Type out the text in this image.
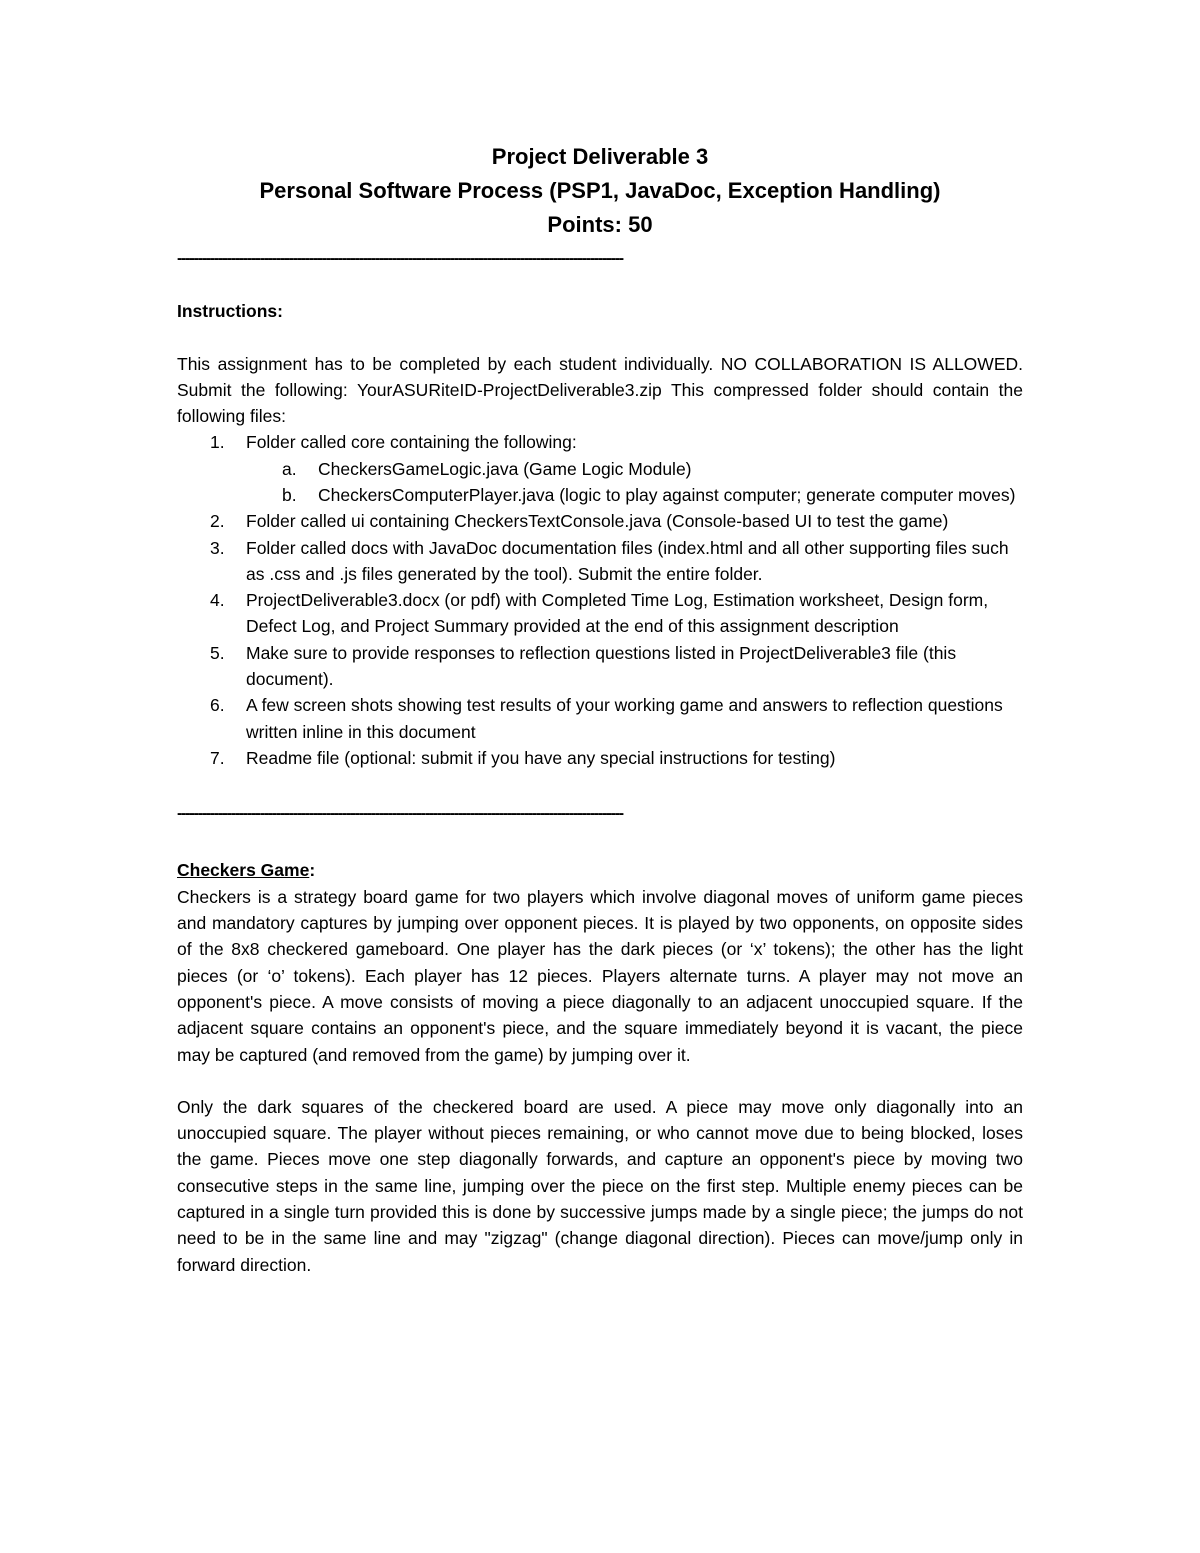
Project Deliverable 3
Personal Software Process (PSP1, JavaDoc, Exception Handling)
Points: 50
------------------------------------------------------------------------------------------------------------
Instructions:

This assignment has to be completed by each student individually. NO COLLABORATION IS ALLOWED. Submit the following: YourASURiteID-ProjectDeliverable3.zip This compressed folder should contain the following files:

1. Folder called core containing the following:
a. CheckersGameLogic.java (Game Logic Module)
b. CheckersComputerPlayer.java (logic to play against computer; generate computer moves)
2. Folder called ui containing CheckersTextConsole.java (Console-based UI to test the game)
3. Folder called docs with JavaDoc documentation files (index.html and all other supporting files such as .css and .js files generated by the tool). Submit the entire folder.
4. ProjectDeliverable3.docx (or pdf) with Completed Time Log, Estimation worksheet, Design form, Defect Log, and Project Summary provided at the end of this assignment description
5. Make sure to provide responses to reflection questions listed in ProjectDeliverable3 file (this document).
6. A few screen shots showing test results of your working game and answers to reflection questions written inline in this document
7. Readme file (optional: submit if you have any special instructions for testing)
------------------------------------------------------------------------------------------------------------
Checkers Game:

Checkers is a strategy board game for two players which involve diagonal moves of uniform game pieces and mandatory captures by jumping over opponent pieces. It is played by two opponents, on opposite sides of the 8x8 checkered gameboard. One player has the dark pieces (or ‘x’ tokens); the other has the light pieces (or ‘o’ tokens). Each player has 12 pieces. Players alternate turns. A player may not move an opponent's piece. A move consists of moving a piece diagonally to an adjacent unoccupied square. If the adjacent square contains an opponent's piece, and the square immediately beyond it is vacant, the piece may be captured (and removed from the game) by jumping over it.

Only the dark squares of the checkered board are used. A piece may move only diagonally into an unoccupied square. The player without pieces remaining, or who cannot move due to being blocked, loses the game. Pieces move one step diagonally forwards, and capture an opponent's piece by moving two consecutive steps in the same line, jumping over the piece on the first step. Multiple enemy pieces can be captured in a single turn provided this is done by successive jumps made by a single piece; the jumps do not need to be in the same line and may "zigzag" (change diagonal direction). Pieces can move/jump only in forward direction.
